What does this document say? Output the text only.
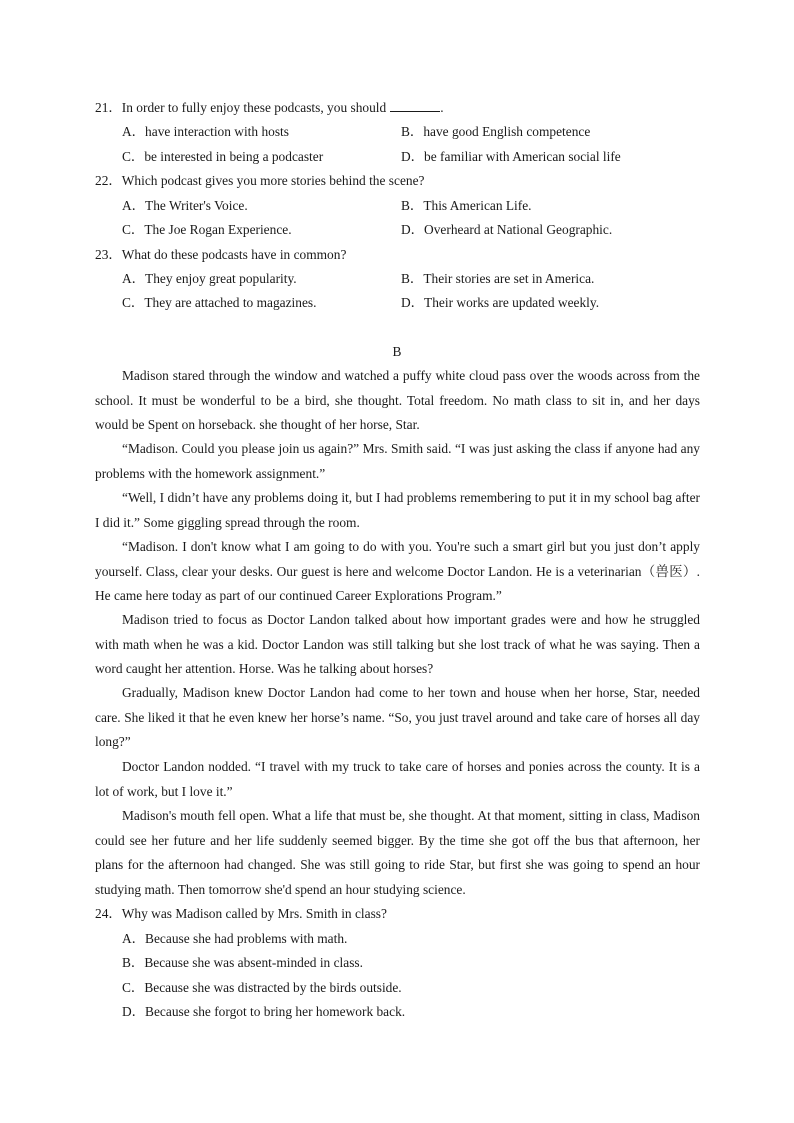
21．In order to fully enjoy these podcasts, you should	.
A．have interaction with hosts	B．have good English competence
C．be interested in being a podcaster	D．be familiar with American social life
22．Which podcast gives you more stories behind the scene?
A．The Writer's Voice.	B．This American Life.
C．The Joe Rogan Experience.	D．Overheard at National Geographic.
23．What do these podcasts have in common?
A．They enjoy great popularity.	B．Their stories are set in America.
C．They are attached to magazines.	D．Their works are updated weekly.
B
Madison stared through the window and watched a puffy white cloud pass over the woods across from the school. It must be wonderful to be a bird, she thought. Total freedom. No math class to sit in, and her days would be Spent on horseback. she thought of her horse, Star.
“Madison. Could you please join us again?” Mrs. Smith said. “I was just asking the class if anyone had any problems with the homework assignment.”
“Well, I didn’t have any problems doing it, but I had problems remembering to put it in my school bag after I did it.” Some giggling spread through the room.
“Madison. I don't know what I am going to do with you. You're such a smart girl but you just don’t apply yourself. Class, clear your desks. Our guest is here and welcome Doctor Landon. He is a veterinarian（兽医）. He came here today as part of our continued Career Explorations Program.”
Madison tried to focus as Doctor Landon talked about how important grades were and how he struggled with math when he was a kid. Doctor Landon was still talking but she lost track of what he was saying. Then a word caught her attention. Horse. Was he talking about horses?
Gradually, Madison knew Doctor Landon had come to her town and house when her horse, Star, needed care. She liked it that he even knew her horse’s name. “So, you just travel around and take care of horses all day long?”
Doctor Landon nodded. “I travel with my truck to take care of horses and ponies across the county. It is a lot of work, but I love it.”
Madison's mouth fell open. What a life that must be, she thought. At that moment, sitting in class, Madison could see her future and her life suddenly seemed bigger. By the time she got off the bus that afternoon, her plans for the afternoon had changed. She was still going to ride Star, but first she was going to spend an hour studying math. Then tomorrow she'd spend an hour studying science.
24．Why was Madison called by Mrs. Smith in class?
A．Because she had problems with math.
B．Because she was absent-minded in class.
C．Because she was distracted by the birds outside.
D．Because she forgot to bring her homework back.
